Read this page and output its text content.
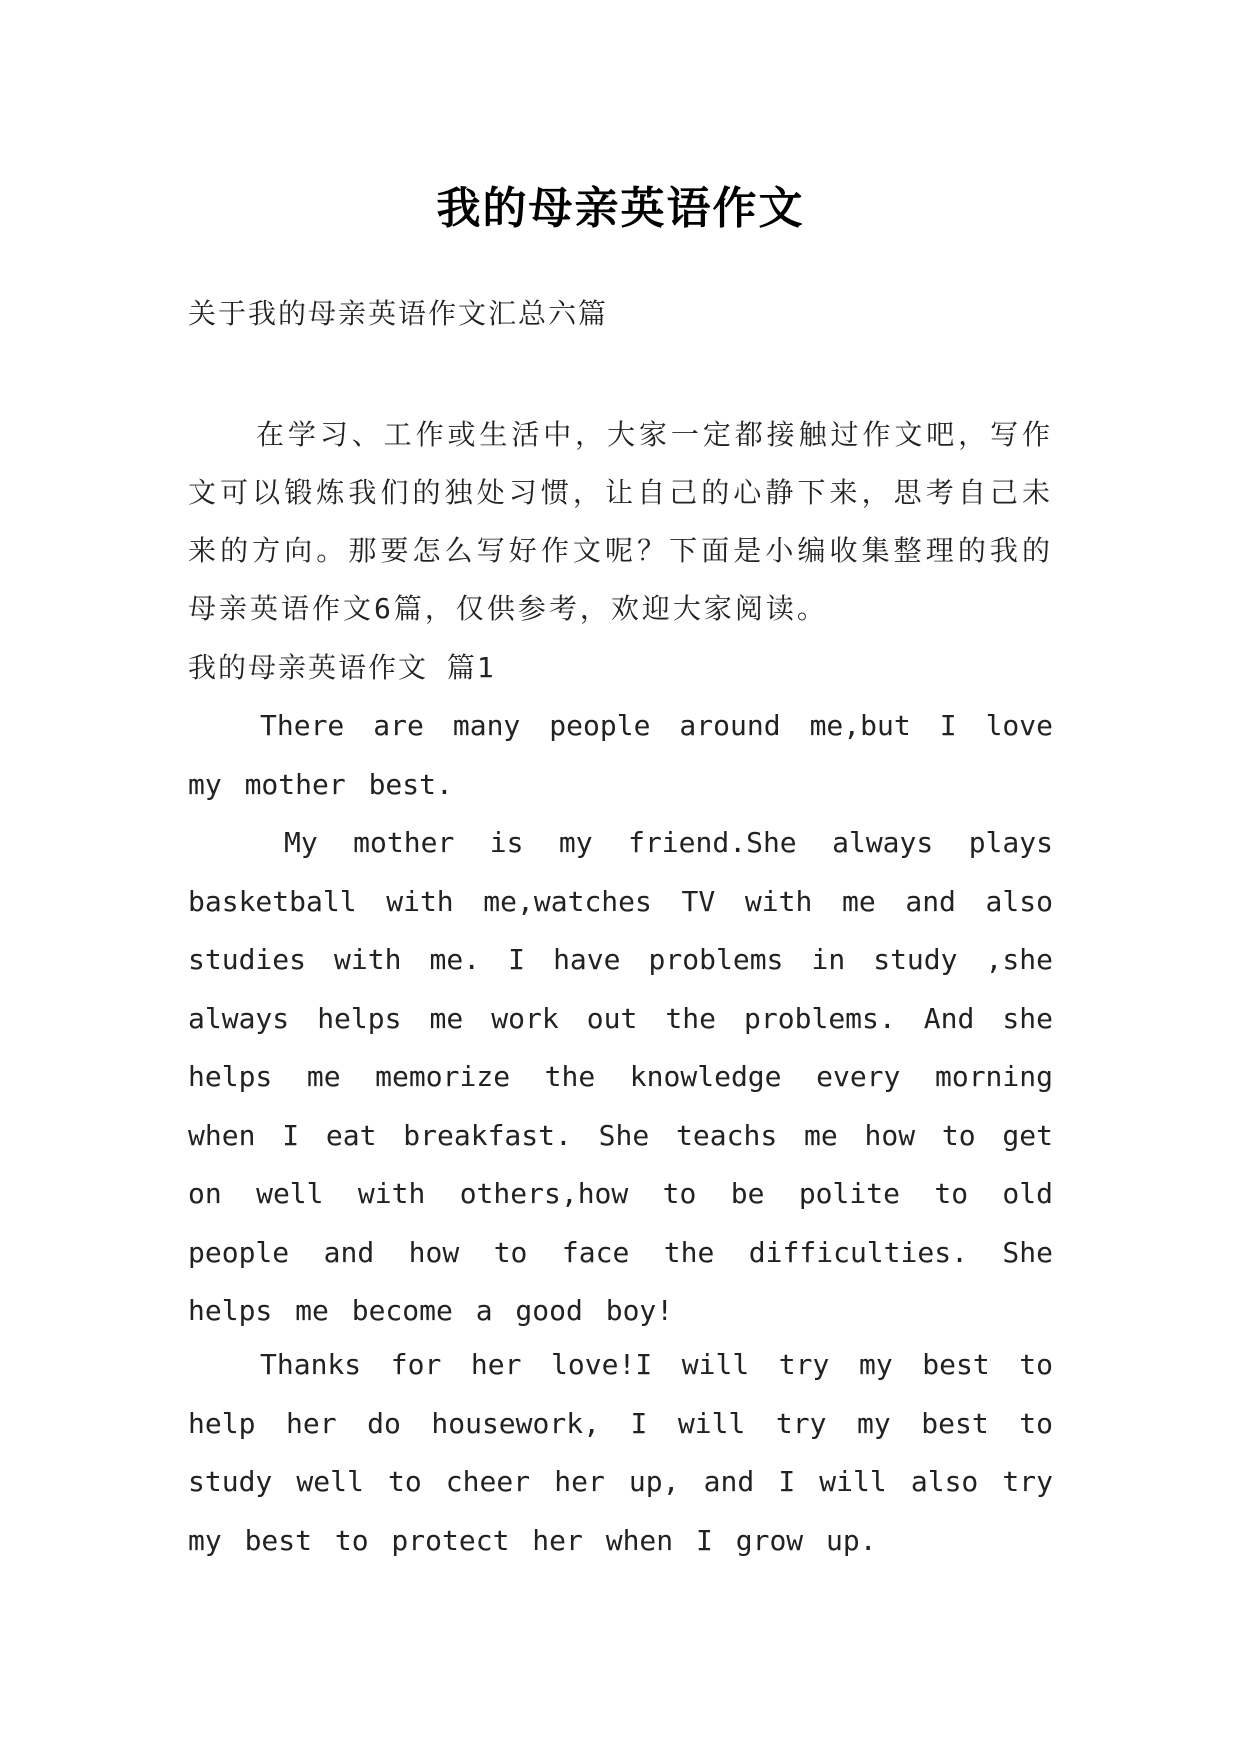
我的母亲英语作文

关于我的母亲英语作文汇总六篇

在学习、工作或生活中，大家一定都接触过作文吧，写作文可以锻炼我们的独处习惯，让自己的心静下来，思考自己未来的方向。那要怎么写好作文呢？下面是小编收集整理的我的母亲英语作文6篇，仅供参考，欢迎大家阅读。

我的母亲英语作文 篇1

There are many people around me,but I love my mother best.

My mother is my friend.She always plays basketball with me,watches TV with me and also studies with me. I have problems in study ,she always helps me work out the problems. And she helps me memorize the knowledge every morning when I eat breakfast. She teachs me how to get on well with others,how to be polite to old people and how to face the difficulties. She helps me become a good boy!

Thanks for her love!I will try my best to help her do housework, I will try my best to study well to cheer her up, and I will also try my best to protect her when I grow up.
